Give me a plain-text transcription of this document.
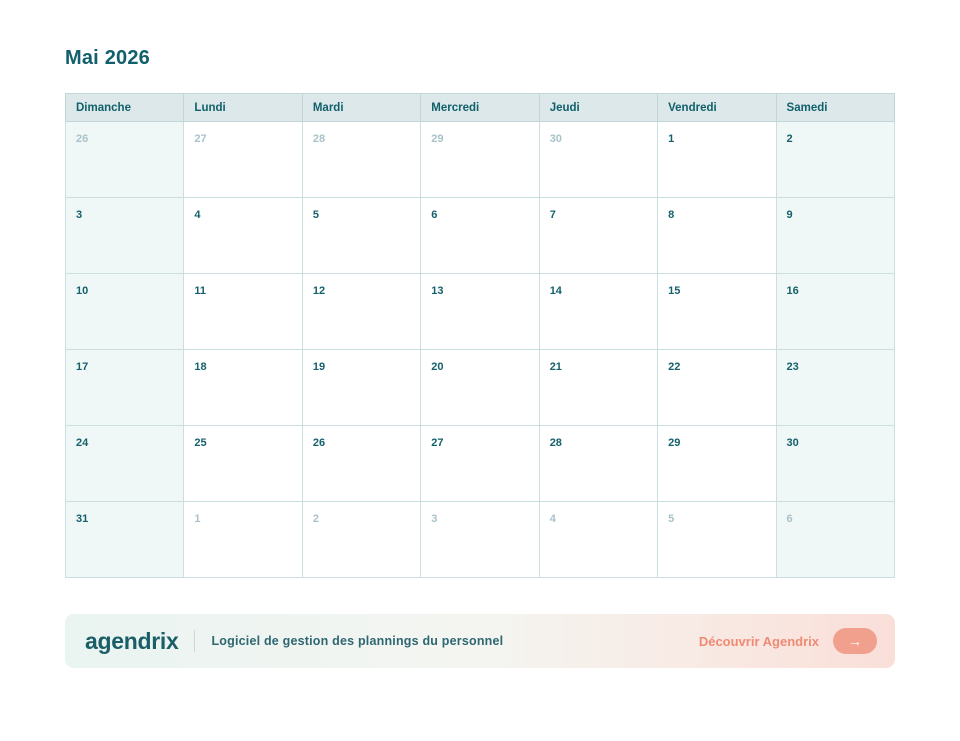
Mai 2026
Dimanche	Lundi	Mardi	Mercredi	Jeudi	Vendredi	Samedi
26	27	28	29	30	1	2
3	4	5	6	7	8	9
10	11	12	13	14	15	16
17	18	19	20	21	22	23
24	25	26	27	28	29	30
31	1	2	3	4	5	6
agendrix	Logiciel de gestion des plannings du personnel	Découvrir Agendrix →
